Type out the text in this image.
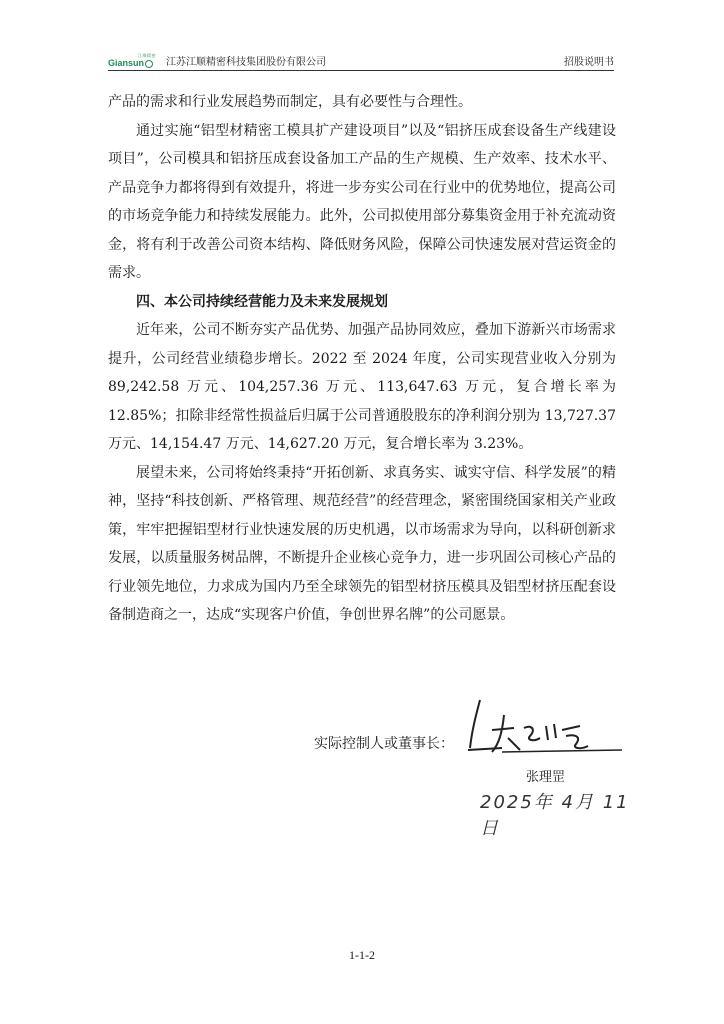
江顺精密
Giansun	江苏江顺精密科技集团股份有限公司	招股说明书

产品的需求和行业发展趋势而制定，具有必要性与合理性。

通过实施“铝型材精密工模具扩产建设项目”以及“铝挤压成套设备生产线建设项目”，公司模具和铝挤压成套设备加工产品的生产规模、生产效率、技术水平、产品竞争力都将得到有效提升，将进一步夯实公司在行业中的优势地位，提高公司的市场竞争能力和持续发展能力。此外，公司拟使用部分募集资金用于补充流动资金，将有利于改善公司资本结构、降低财务风险，保障公司快速发展对营运资金的需求。

四、本公司持续经营能力及未来发展规划

近年来，公司不断夯实产品优势、加强产品协同效应，叠加下游新兴市场需求提升，公司经营业绩稳步增长。2022 至 2024 年度，公司实现营业收入分别为 89,242.58 万元、104,257.36 万元、113,647.63 万元，复合增长率为 12.85%；扣除非经常性损益后归属于公司普通股股东的净利润分别为 13,727.37 万元、14,154.47 万元、14,627.20 万元，复合增长率为 3.23%。

展望未来，公司将始终秉持“开拓创新、求真务实、诚实守信、科学发展”的精神，坚持“科技创新、严格管理、规范经营”的经营理念，紧密围绕国家相关产业政策，牢牢把握铝型材行业快速发展的历史机遇，以市场需求为导向，以科研创新求发展，以质量服务树品牌，不断提升企业核心竞争力，进一步巩固公司核心产品的行业领先地位，力求成为国内乃至全球领先的铝型材挤压模具及铝型材挤压配套设备制造商之一，达成“实现客户价值，争创世界名牌”的公司愿景。

实际控制人或董事长：
张理罡
2025年 4月 11日
1-1-2
